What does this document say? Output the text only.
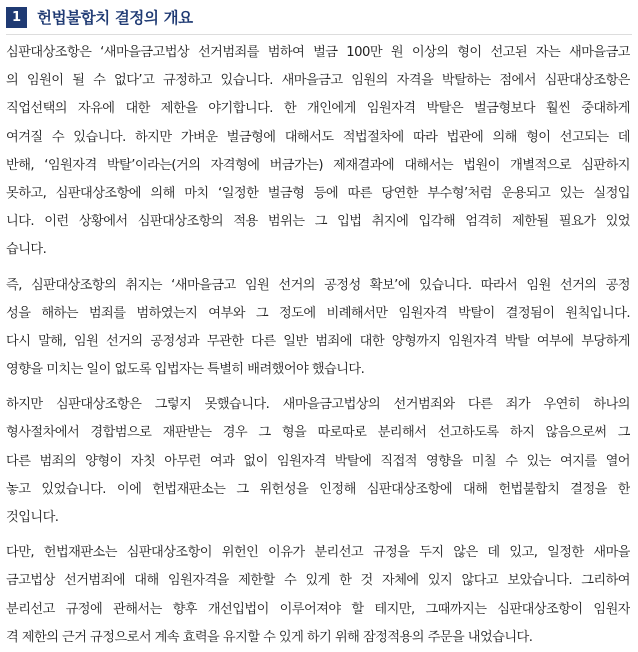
1	헌법불합치 결정의 개요
심판대상조항은 ‘새마을금고법상 선거범죄를 범하여 벌금 100만 원 이상의 형이 선고된 자는 새마을금고
의 임원이 될 수 없다’고 규정하고 있습니다. 새마을금고 임원의 자격을 박탈하는 점에서 심판대상조항은
직업선택의 자유에 대한 제한을 야기합니다. 한 개인에게 임원자격 박탈은 벌금형보다 훨씬 중대하게
여겨질 수 있습니다. 하지만 가벼운 벌금형에 대해서도 적법절차에 따라 법관에 의해 형이 선고되는 데
반해, ‘임원자격 박탈’이라는(거의 자격형에 버금가는) 제재결과에 대해서는 법원이 개별적으로 심판하지
못하고, 심판대상조항에 의해 마치 ‘일정한 벌금형 등에 따른 당연한 부수형’처럼 운용되고 있는 실정입
니다. 이런 상황에서 심판대상조항의 적용 범위는 그 입법 취지에 입각해 엄격히 제한될 필요가 있었
습니다.
즉, 심판대상조항의 취지는 ‘새마을금고 임원 선거의 공정성 확보’에 있습니다. 따라서 임원 선거의 공정
성을 해하는 범죄를 범하였는지 여부와 그 정도에 비례해서만 임원자격 박탈이 결정됨이 원칙입니다.
다시 말해, 임원 선거의 공정성과 무관한 다른 일반 범죄에 대한 양형까지 임원자격 박탈 여부에 부당하게
영향을 미치는 일이 없도록 입법자는 특별히 배려했어야 했습니다.
하지만 심판대상조항은 그렇지 못했습니다. 새마을금고법상의 선거범죄와 다른 죄가 우연히 하나의
형사절차에서 경합범으로 재판받는 경우 그 형을 따로따로 분리해서 선고하도록 하지 않음으로써 그
다른 범죄의 양형이 자칫 아무런 여과 없이 임원자격 박탈에 직접적 영향을 미칠 수 있는 여지를 열어
놓고 있었습니다. 이에 헌법재판소는 그 위헌성을 인정해 심판대상조항에 대해 헌법불합치 결정을 한
것입니다.
다만, 헌법재판소는 심판대상조항이 위헌인 이유가 분리선고 규정을 두지 않은 데 있고, 일정한 새마을
금고법상 선거범죄에 대해 임원자격을 제한할 수 있게 한 것 자체에 있지 않다고 보았습니다. 그리하여
분리선고 규정에 관해서는 향후 개선입법이 이루어져야 할 테지만, 그때까지는 심판대상조항이 임원자
격 제한의 근거 규정으로서 계속 효력을 유지할 수 있게 하기 위해 잠정적용의 주문을 내었습니다.
